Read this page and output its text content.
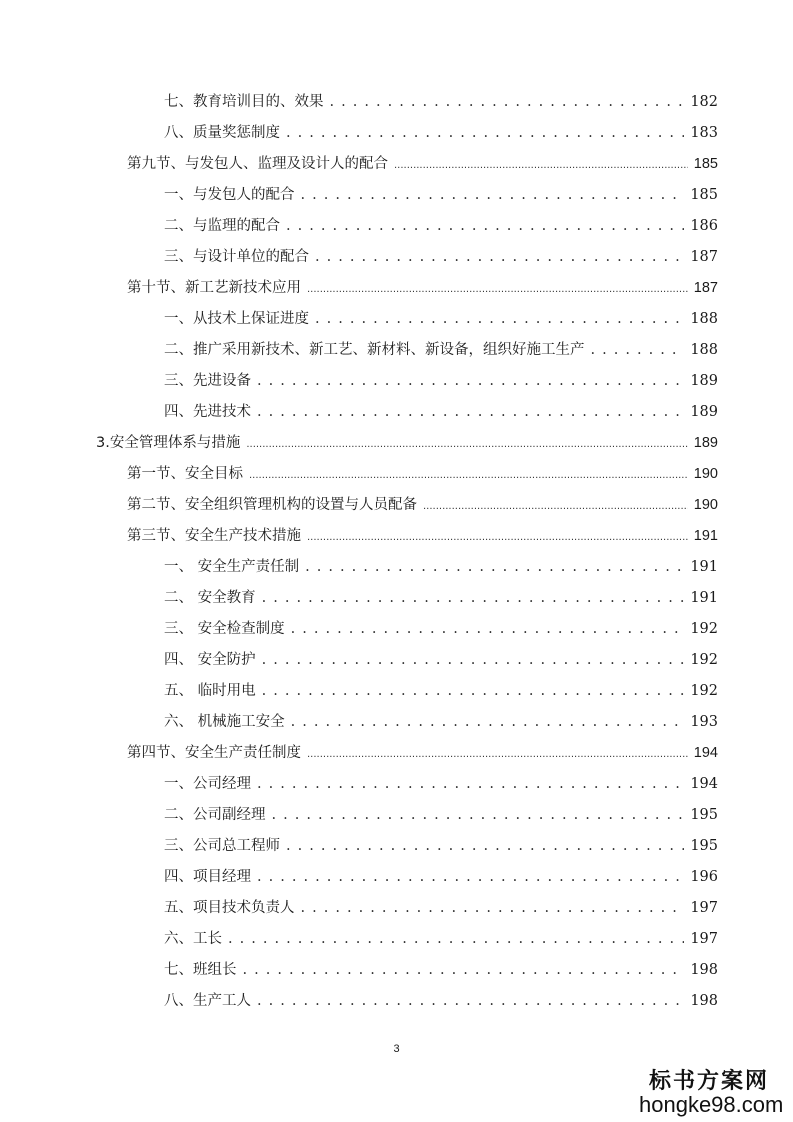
七、教育培训目的、效果 . . .	182
八、质量奖惩制度 . . .	183
第九节、与发包人、监理及设计人的配合 .....	185
一、与发包人的配合 . . .	185
二、与监理的配合 . . .	186
三、与设计单位的配合 . . .	187
第十节、新工艺新技术应用 .....	187
一、从技术上保证进度 . . .	188
二、推广采用新技术、新工艺、新材料、新设备，组织好施工生产 . . .	188
三、先进设备 . . .	189
四、先进技术 . . .	189
3.安全管理体系与措施 .....	189
第一节、安全目标 .....	190
第二节、安全组织管理机构的设置与人员配备 .....	190
第三节、安全生产技术措施 .....	191
一、 安全生产责任制 . . .	191
二、 安全教育 . . .	191
三、 安全检查制度 . . .	192
四、 安全防护 . . .	192
五、 临时用电 . . .	192
六、 机械施工安全 . . .	193
第四节、安全生产责任制度 .....	194
一、公司经理 . . .	194
二、公司副经理 . . .	195
三、公司总工程师 . . .	195
四、项目经理 . . .	196
五、项目技术负责人 . . .	197
六、工长 . . .	197
七、班组长 . . .	198
八、生产工人 . . .	198
3
标书方案网
hongke98.com
